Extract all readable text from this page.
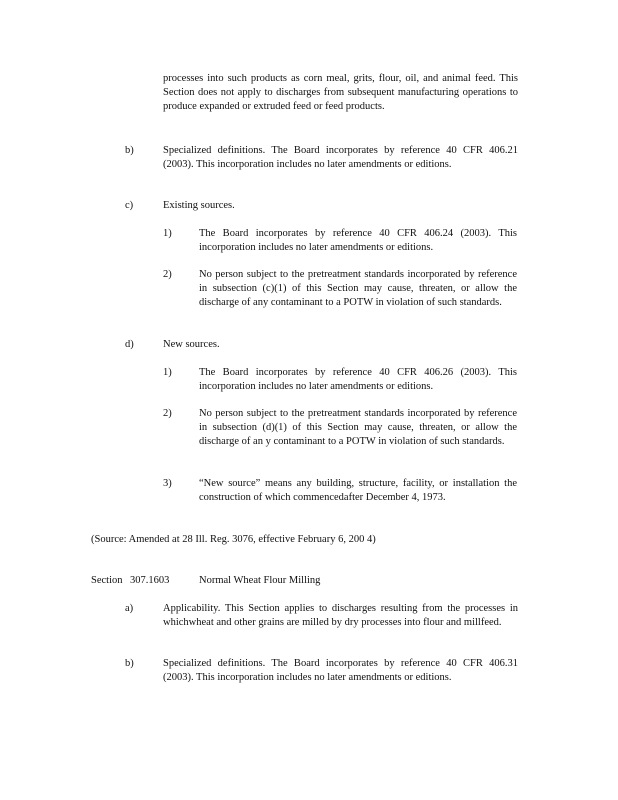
processes into such products as corn meal, grits, flour, oil, and animal feed. This Section does not apply to discharges from subsequent manufacturing operations to produce expanded or extruded feed or feed products.

b)	Specialized definitions. The Board incorporates by reference 40 CFR 406.21 (2003). This incorporation includes no later amendments or editions.

c)	Existing sources.

1)	The Board incorporates by reference 40 CFR 406.24 (2003). This incorporation includes no later amendments or editions.

2)	No person subject to the pretreatment standards incorporated by reference in subsection (c)(1) of this Section may cause, threaten, or allow the discharge of any contaminant to a POTW in violation of such standards.

d)	New sources.

1)	The Board incorporates by reference 40 CFR 406.26 (2003). This incorporation includes no later amendments or editions.

2)	No person subject to the pretreatment standards incorporated by reference in subsection (d)(1) of this Section may cause, threaten, or allow the discharge of an y contaminant to a POTW in violation of such standards.

3)	“New source” means any building, structure, facility, or installation the construction of which commencedafter December 4, 1973.

(Source: Amended at 28 Ill. Reg. 3076, effective February 6, 200 4)
Section 307.1603	Normal Wheat Flour Milling
a)	Applicability. This Section applies to discharges resulting from the processes in whichwheat and other grains are milled by dry processes into flour and millfeed.

b)	Specialized definitions. The Board incorporates by reference 40 CFR 406.31 (2003). This incorporation includes no later amendments or editions.
